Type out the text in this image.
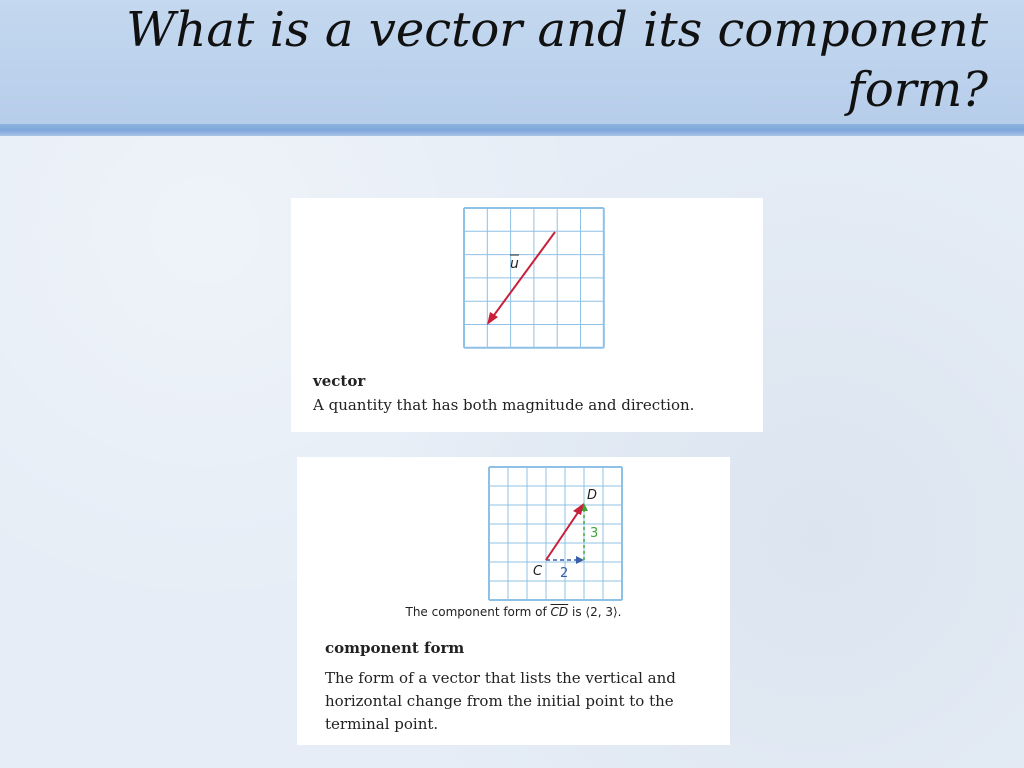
What is a vector and its component form?
u

vector

A quantity that has both magnitude and direction.

C
D
2
3
The component form of $\overline{CD}$ is ⟨2, 3⟩.

component form

The form of a vector that lists the vertical and horizontal change from the initial point to the terminal point.
